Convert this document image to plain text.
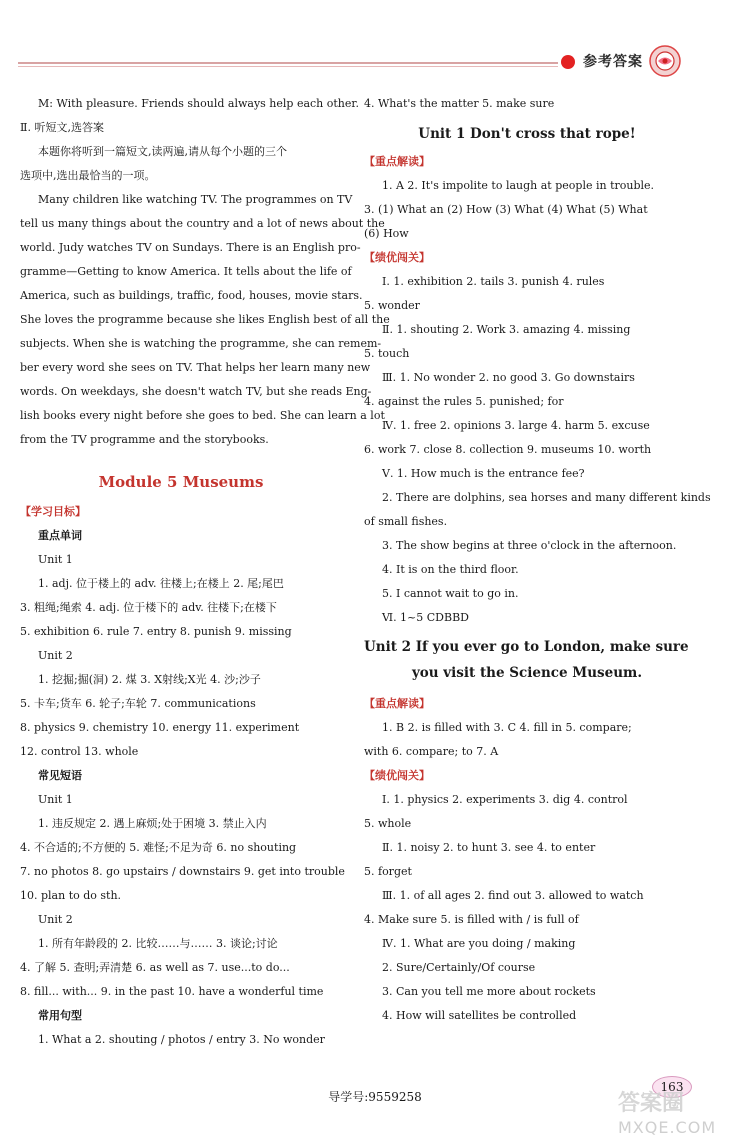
参考答案
M: With pleasure. Friends should always help each other.
Ⅱ. 听短文,选答案
本题你将听到一篇短文,读两遍,请从每个小题的三个
选项中,选出最恰当的一项。
Many children like watching TV. The programmes on TV
tell us many things about the country and a lot of news about the
world. Judy watches TV on Sundays. There is an English pro-
gramme—Getting to know America. It tells about the life of
America, such as buildings, traffic, food, houses, movie stars.
She loves the programme because she likes English best of all the
subjects. When she is watching the programme, she can remem-
ber every word she sees on TV. That helps her learn many new
words. On weekdays, she doesn't watch TV, but she reads Eng-
lish books every night before she goes to bed. She can learn a lot
from the TV programme and the storybooks.
Module 5 Museums
【学习目标】
重点单词
Unit 1
1. adj. 位于楼上的 adv. 往楼上;在楼上 2. 尾;尾巴
3. 粗绳;绳索 4. adj. 位于楼下的 adv. 往楼下;在楼下
5. exhibition 6. rule 7. entry 8. punish 9. missing
Unit 2
1. 挖掘;掘(洞) 2. 煤 3. X射线;X光 4. 沙;沙子
5. 卡车;货车 6. 轮子;车轮 7. communications
8. physics 9. chemistry 10. energy 11. experiment
12. control 13. whole
常见短语
Unit 1
1. 违反规定 2. 遇上麻烦;处于困境 3. 禁止入内
4. 不合适的;不方便的 5. 难怪;不足为奇 6. no shouting
7. no photos 8. go upstairs / downstairs 9. get into trouble
10. plan to do sth.
Unit 2
1. 所有年龄段的 2. 比较……与…… 3. 谈论;讨论
4. 了解 5. 查明;弄清楚 6. as well as 7. use...to do...
8. fill... with... 9. in the past 10. have a wonderful time
常用句型
1. What a 2. shouting / photos / entry 3. No wonder
4. What's the matter 5. make sure
Unit 1 Don't cross that rope!
【重点解读】
1. A 2. It's impolite to laugh at people in trouble.
3. (1) What an (2) How (3) What (4) What (5) What
(6) How
【绩优闯关】
Ⅰ. 1. exhibition 2. tails 3. punish 4. rules
5. wonder
Ⅱ. 1. shouting 2. Work 3. amazing 4. missing
5. touch
Ⅲ. 1. No wonder 2. no good 3. Go downstairs
4. against the rules 5. punished; for
Ⅳ. 1. free 2. opinions 3. large 4. harm 5. excuse
6. work 7. close 8. collection 9. museums 10. worth
Ⅴ. 1. How much is the entrance fee?
2. There are dolphins, sea horses and many different kinds
of small fishes.
3. The show begins at three o'clock in the afternoon.
4. It is on the third floor.
5. I cannot wait to go in.
Ⅵ. 1~5 CDBBD
Unit 2 If you ever go to London, make sure
you visit the Science Museum.
【重点解读】
1. B 2. is filled with 3. C 4. fill in 5. compare;
with 6. compare; to 7. A
【绩优闯关】
Ⅰ. 1. physics 2. experiments 3. dig 4. control
5. whole
Ⅱ. 1. noisy 2. to hunt 3. see 4. to enter
5. forget
Ⅲ. 1. of all ages 2. find out 3. allowed to watch
4. Make sure 5. is filled with / is full of
Ⅳ. 1. What are you doing / making
2. Sure/Certainly/Of course
3. Can you tell me more about rockets
4. How will satellites be controlled
导学号:9559258
163
答案圈
MXQE.COM
